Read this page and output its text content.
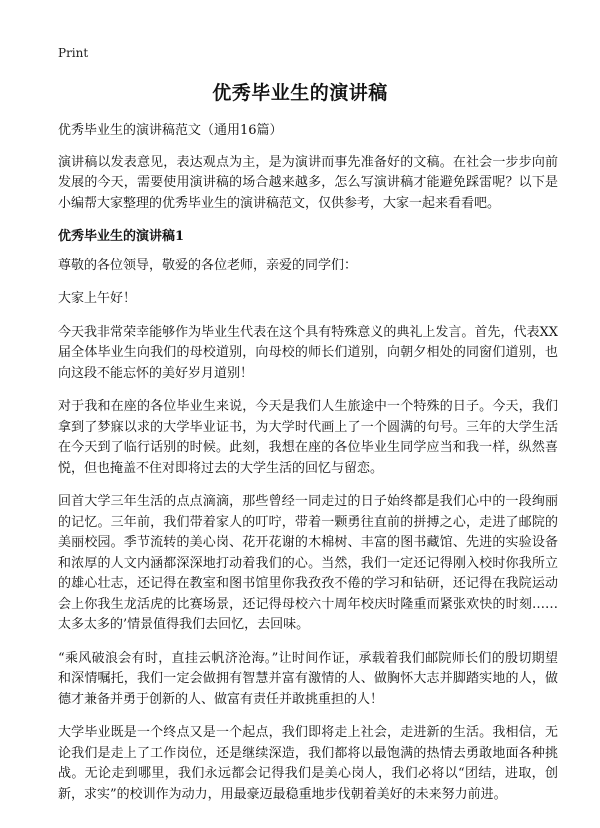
Print
优秀毕业生的演讲稿

优秀毕业生的演讲稿范文（通用16篇）

演讲稿以发表意见，表达观点为主，是为演讲而事先准备好的文稿。在社会一步步向前发展的今天，需要使用演讲稿的场合越来越多，怎么写演讲稿才能避免踩雷呢？以下是小编帮大家整理的优秀毕业生的演讲稿范文，仅供参考，大家一起来看看吧。

优秀毕业生的演讲稿1

尊敬的各位领导，敬爱的各位老师，亲爱的同学们：

大家上午好！

今天我非常荣幸能够作为毕业生代表在这个具有特殊意义的典礼上发言。首先，代表XX届全体毕业生向我们的母校道别，向母校的师长们道别，向朝夕相处的同窗们道别，也向这段不能忘怀的美好岁月道别！

对于我和在座的各位毕业生来说，今天是我们人生旅途中一个特殊的日子。今天，我们拿到了梦寐以求的大学毕业证书，为大学时代画上了一个圆满的句号。三年的大学生活在今天到了临行话别的时候。此刻，我想在座的各位毕业生同学应当和我一样，纵然喜悦，但也掩盖不住对即将过去的大学生活的回忆与留恋。

回首大学三年生活的点点滴滴，那些曾经一同走过的日子始终都是我们心中的一段绚丽的记忆。三年前，我们带着家人的叮咛，带着一颗勇往直前的拼搏之心，走进了邮院的美丽校园。季节流转的美心岗、花开花谢的木棉树、丰富的图书藏馆、先进的实验设备和浓厚的人文内涵都深深地打动着我们的心。当然，我们一定还记得刚入校时你我所立的雄心壮志，还记得在教室和图书馆里你我孜孜不倦的学习和钻研，还记得在我院运动会上你我生龙活虎的比赛场景，还记得母校六十周年校庆时隆重而紧张欢快的时刻……太多太多的’情景值得我们去回忆，去回味。

“乘风破浪会有时，直挂云帆济沧海。”让时间作证，承载着我们邮院师长们的殷切期望和深情嘱托，我们一定会做拥有智慧并富有激情的人、做胸怀大志并脚踏实地的人，做德才兼备并勇于创新的人、做富有责任并敢挑重担的人！

大学毕业既是一个终点又是一个起点，我们即将走上社会，走进新的生活。我相信，无论我们是走上了工作岗位，还是继续深造，我们都将以最饱满的热情去勇敢地面各种挑战。无论走到哪里，我们永远都会记得我们是美心岗人，我们必将以“团结，进取，创新，求实”的校训作为动力，用最豪迈最稳重地步伐朝着美好的未来努力前进。
